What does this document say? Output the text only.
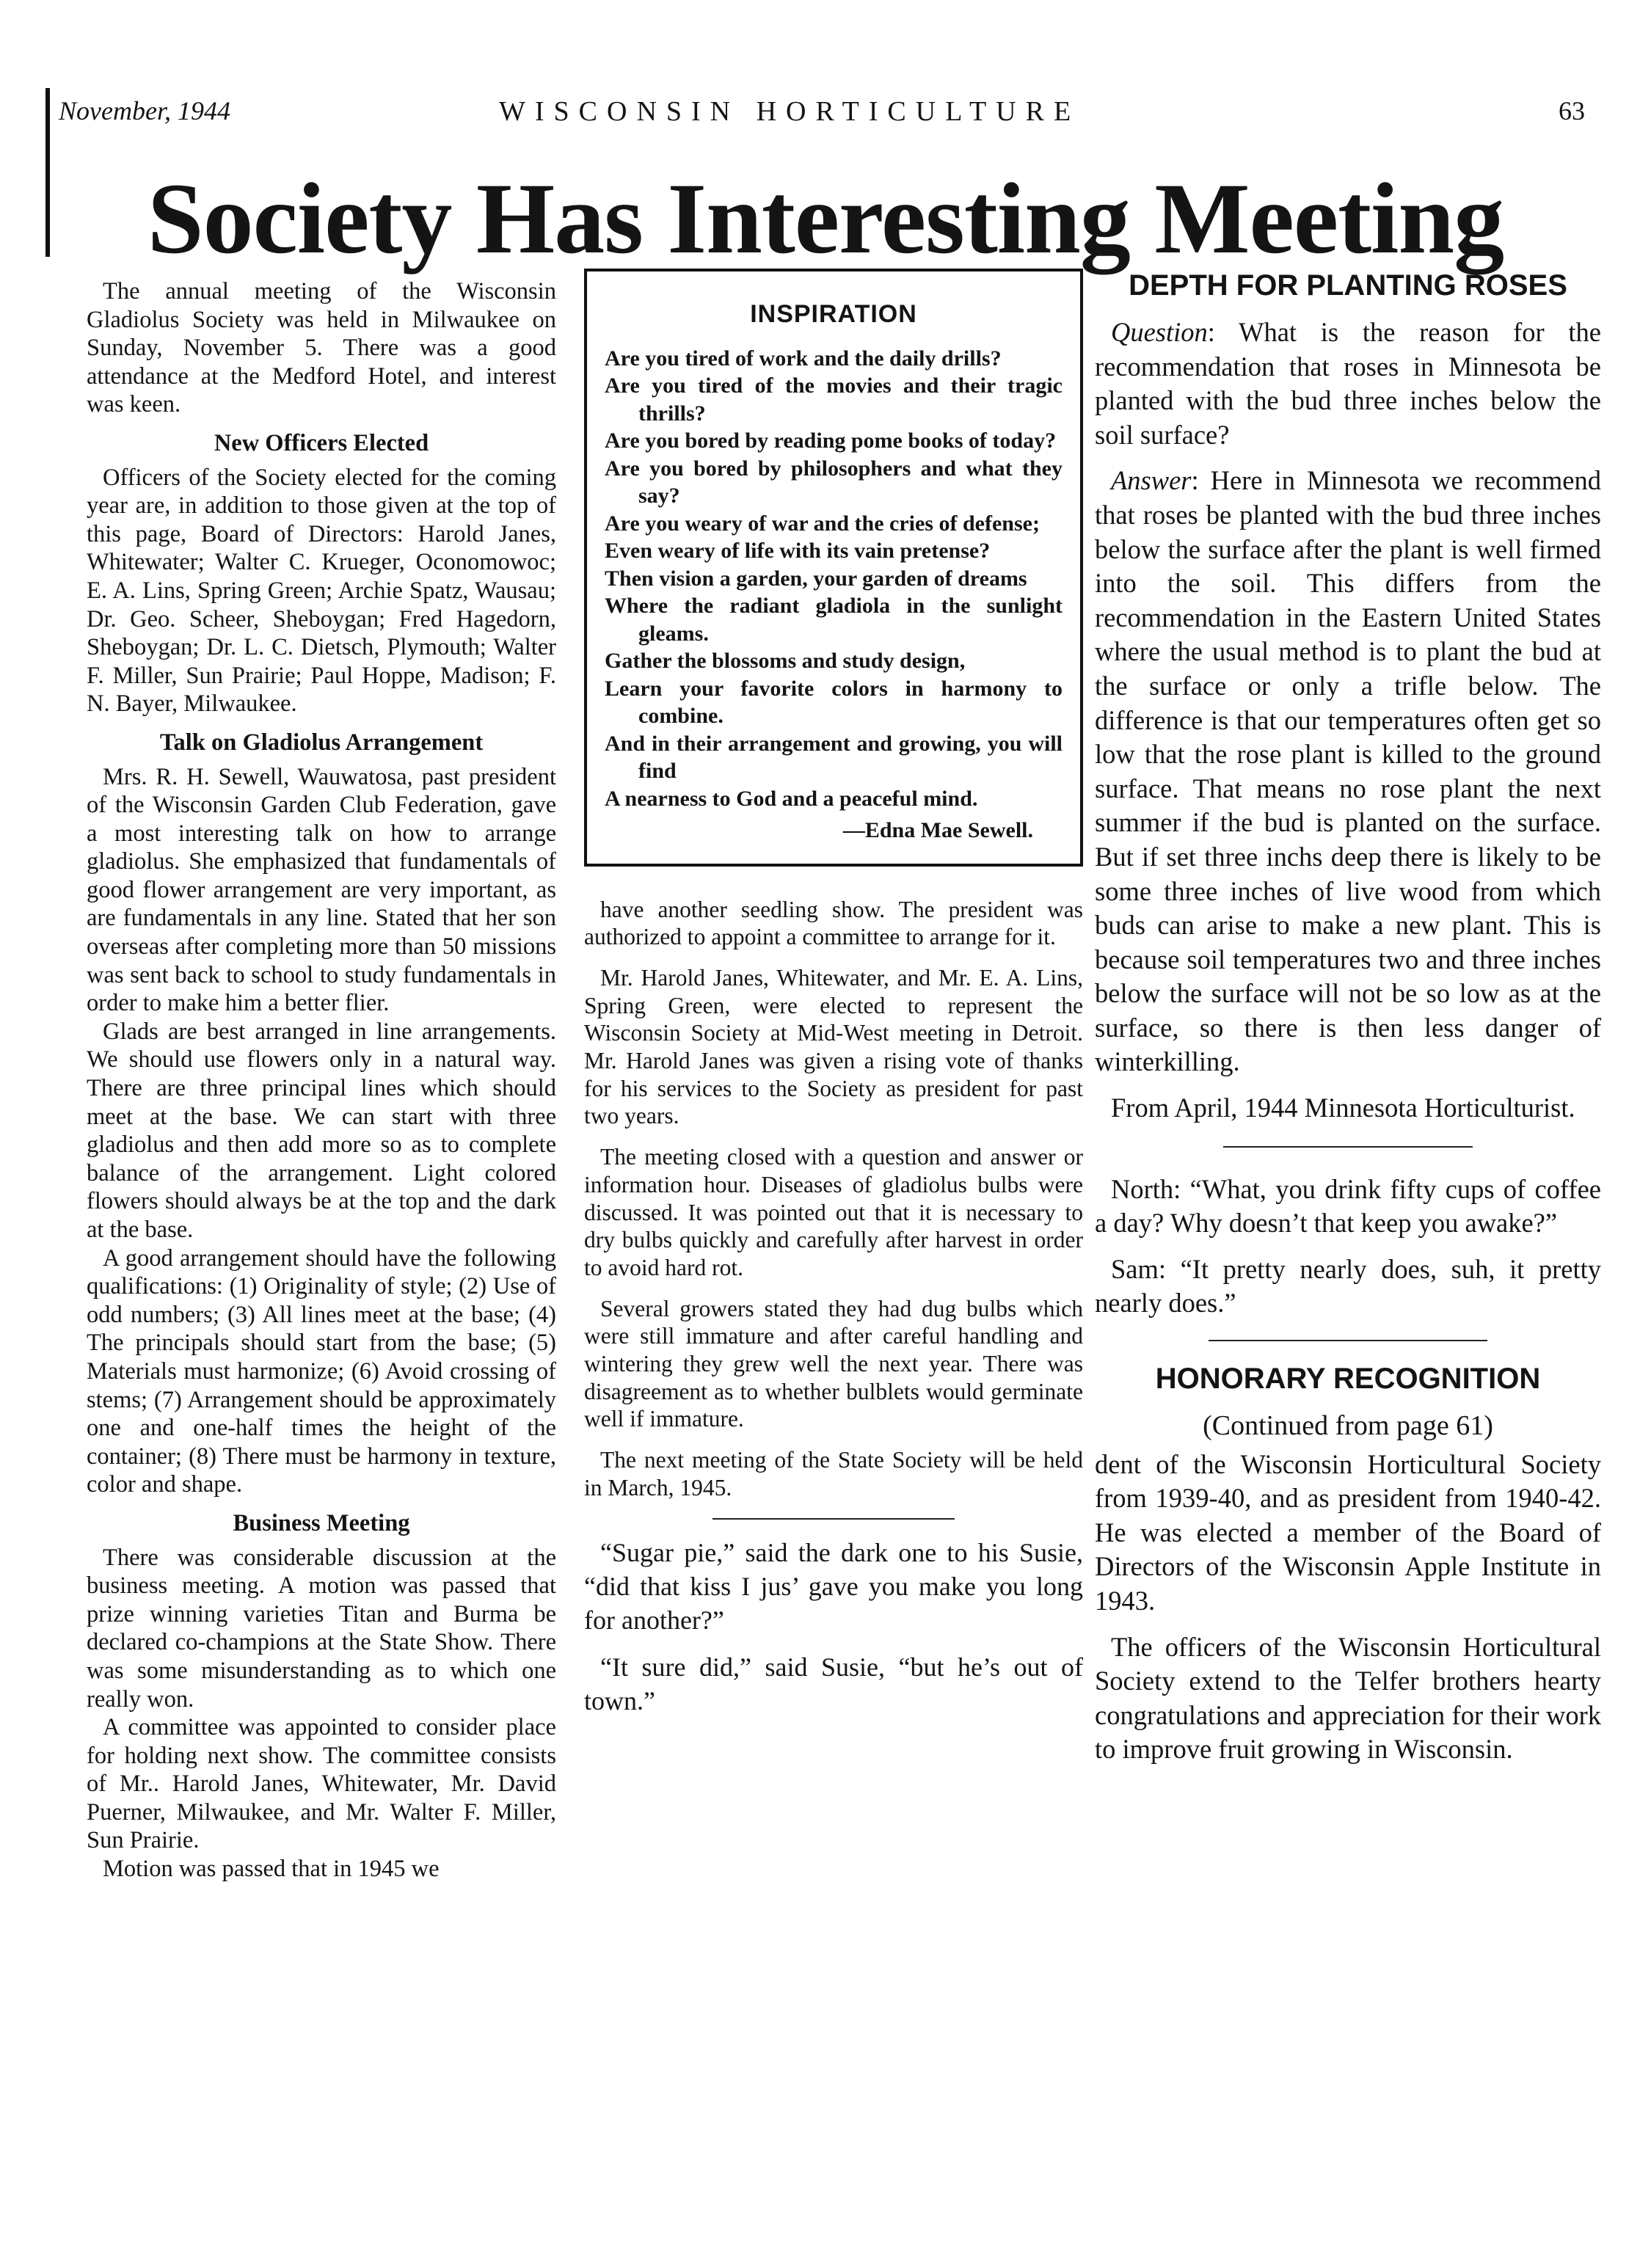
November, 1944	WISCONSIN HORTICULTURE	63
Society Has Interesting Meeting

The annual meeting of the Wisconsin Gladiolus Society was held in Milwaukee on Sunday, November 5. There was a good attendance at the Medford Hotel, and interest was keen.

New Officers Elected

Officers of the Society elected for the coming year are, in addition to those given at the top of this page, Board of Directors: Harold Janes, Whitewater; Walter C. Krueger, Oconomowoc; E. A. Lins, Spring Green; Archie Spatz, Wausau; Dr. Geo. Scheer, Sheboygan; Fred Hagedorn, Sheboygan; Dr. L. C. Dietsch, Plymouth; Walter F. Miller, Sun Prairie; Paul Hoppe, Madison; F. N. Bayer, Milwaukee.

Talk on Gladiolus Arrangement

Mrs. R. H. Sewell, Wauwatosa, past president of the Wisconsin Garden Club Federation, gave a most interesting talk on how to arrange gladiolus. She emphasized that fundamentals of good flower arrangement are very important, as are fundamentals in any line. Stated that her son overseas after completing more than 50 missions was sent back to school to study fundamentals in order to make him a better flier.

Glads are best arranged in line arrangements. We should use flowers only in a natural way. There are three principal lines which should meet at the base. We can start with three gladiolus and then add more so as to complete balance of the arrangement. Light colored flowers should always be at the top and the dark at the base.

A good arrangement should have the following qualifications: (1) Originality of style; (2) Use of odd numbers; (3) All lines meet at the base; (4) The principals should start from the base; (5) Materials must harmonize; (6) Avoid crossing of stems; (7) Arrangement should be approximately one and one-half times the height of the container; (8) There must be harmony in texture, color and shape.

Business Meeting

There was considerable discussion at the business meeting. A motion was passed that prize winning varieties Titan and Burma be declared co-champions at the State Show. There was some misunderstanding as to which one really won.

A committee was appointed to consider place for holding next show. The committee consists of Mr.. Harold Janes, Whitewater, Mr. David Puerner, Milwaukee, and Mr. Walter F. Miller, Sun Prairie.

Motion was passed that in 1945 we

INSPIRATION

Are you tired of work and the daily drills?

Are you tired of the movies and their tragic thrills?

Are you bored by reading pome books of today?

Are you bored by philosophers and what they say?

Are you weary of war and the cries of defense;

Even weary of life with its vain pretense?

Then vision a garden, your garden of dreams

Where the radiant gladiola in the sunlight gleams.

Gather the blossoms and study design,

Learn your favorite colors in harmony to combine.

And in their arrangement and growing, you will find

A nearness to God and a peaceful mind.

—Edna Mae Sewell.

have another seedling show. The president was authorized to appoint a committee to arrange for it.

Mr. Harold Janes, Whitewater, and Mr. E. A. Lins, Spring Green, were elected to represent the Wisconsin Society at Mid-West meeting in Detroit. Mr. Harold Janes was given a rising vote of thanks for his services to the Society as president for past two years.

The meeting closed with a question and answer or information hour. Diseases of gladiolus bulbs were discussed. It was pointed out that it is necessary to dry bulbs quickly and carefully after harvest in order to avoid hard rot.

Several growers stated they had dug bulbs which were still immature and after careful handling and wintering they grew well the next year. There was disagreement as to whether bulblets would germinate well if immature.

The next meeting of the State Society will be held in March, 1945.

“Sugar pie,” said the dark one to his Susie, “did that kiss I jus’ gave you make you long for another?”

“It sure did,” said Susie, “but he’s out of town.”

DEPTH FOR PLANTING ROSES

Question: What is the reason for the recommendation that roses in Minnesota be planted with the bud three inches below the soil surface?

Answer: Here in Minnesota we recommend that roses be planted with the bud three inches below the surface after the plant is well firmed into the soil. This differs from the recommendation in the Eastern United States where the usual method is to plant the bud at the surface or only a trifle below. The difference is that our temperatures often get so low that the rose plant is killed to the ground surface. That means no rose plant the next summer if the bud is planted on the surface. But if set three inchs deep there is likely to be some three inches of live wood from which buds can arise to make a new plant. This is because soil temperatures two and three inches below the surface will not be so low as at the surface, so there is then less danger of winterkilling.

From April, 1944 Minnesota Horticulturist.

North: “What, you drink fifty cups of coffee a day? Why doesn’t that keep you awake?”

Sam: “It pretty nearly does, suh, it pretty nearly does.”

HONORARY RECOGNITION
(Continued from page 61)

dent of the Wisconsin Horticultural Society from 1939-40, and as president from 1940-42. He was elected a member of the Board of Directors of the Wisconsin Apple Institute in 1943.

The officers of the Wisconsin Horticultural Society extend to the Telfer brothers hearty congratulations and appreciation for their work to improve fruit growing in Wisconsin.
